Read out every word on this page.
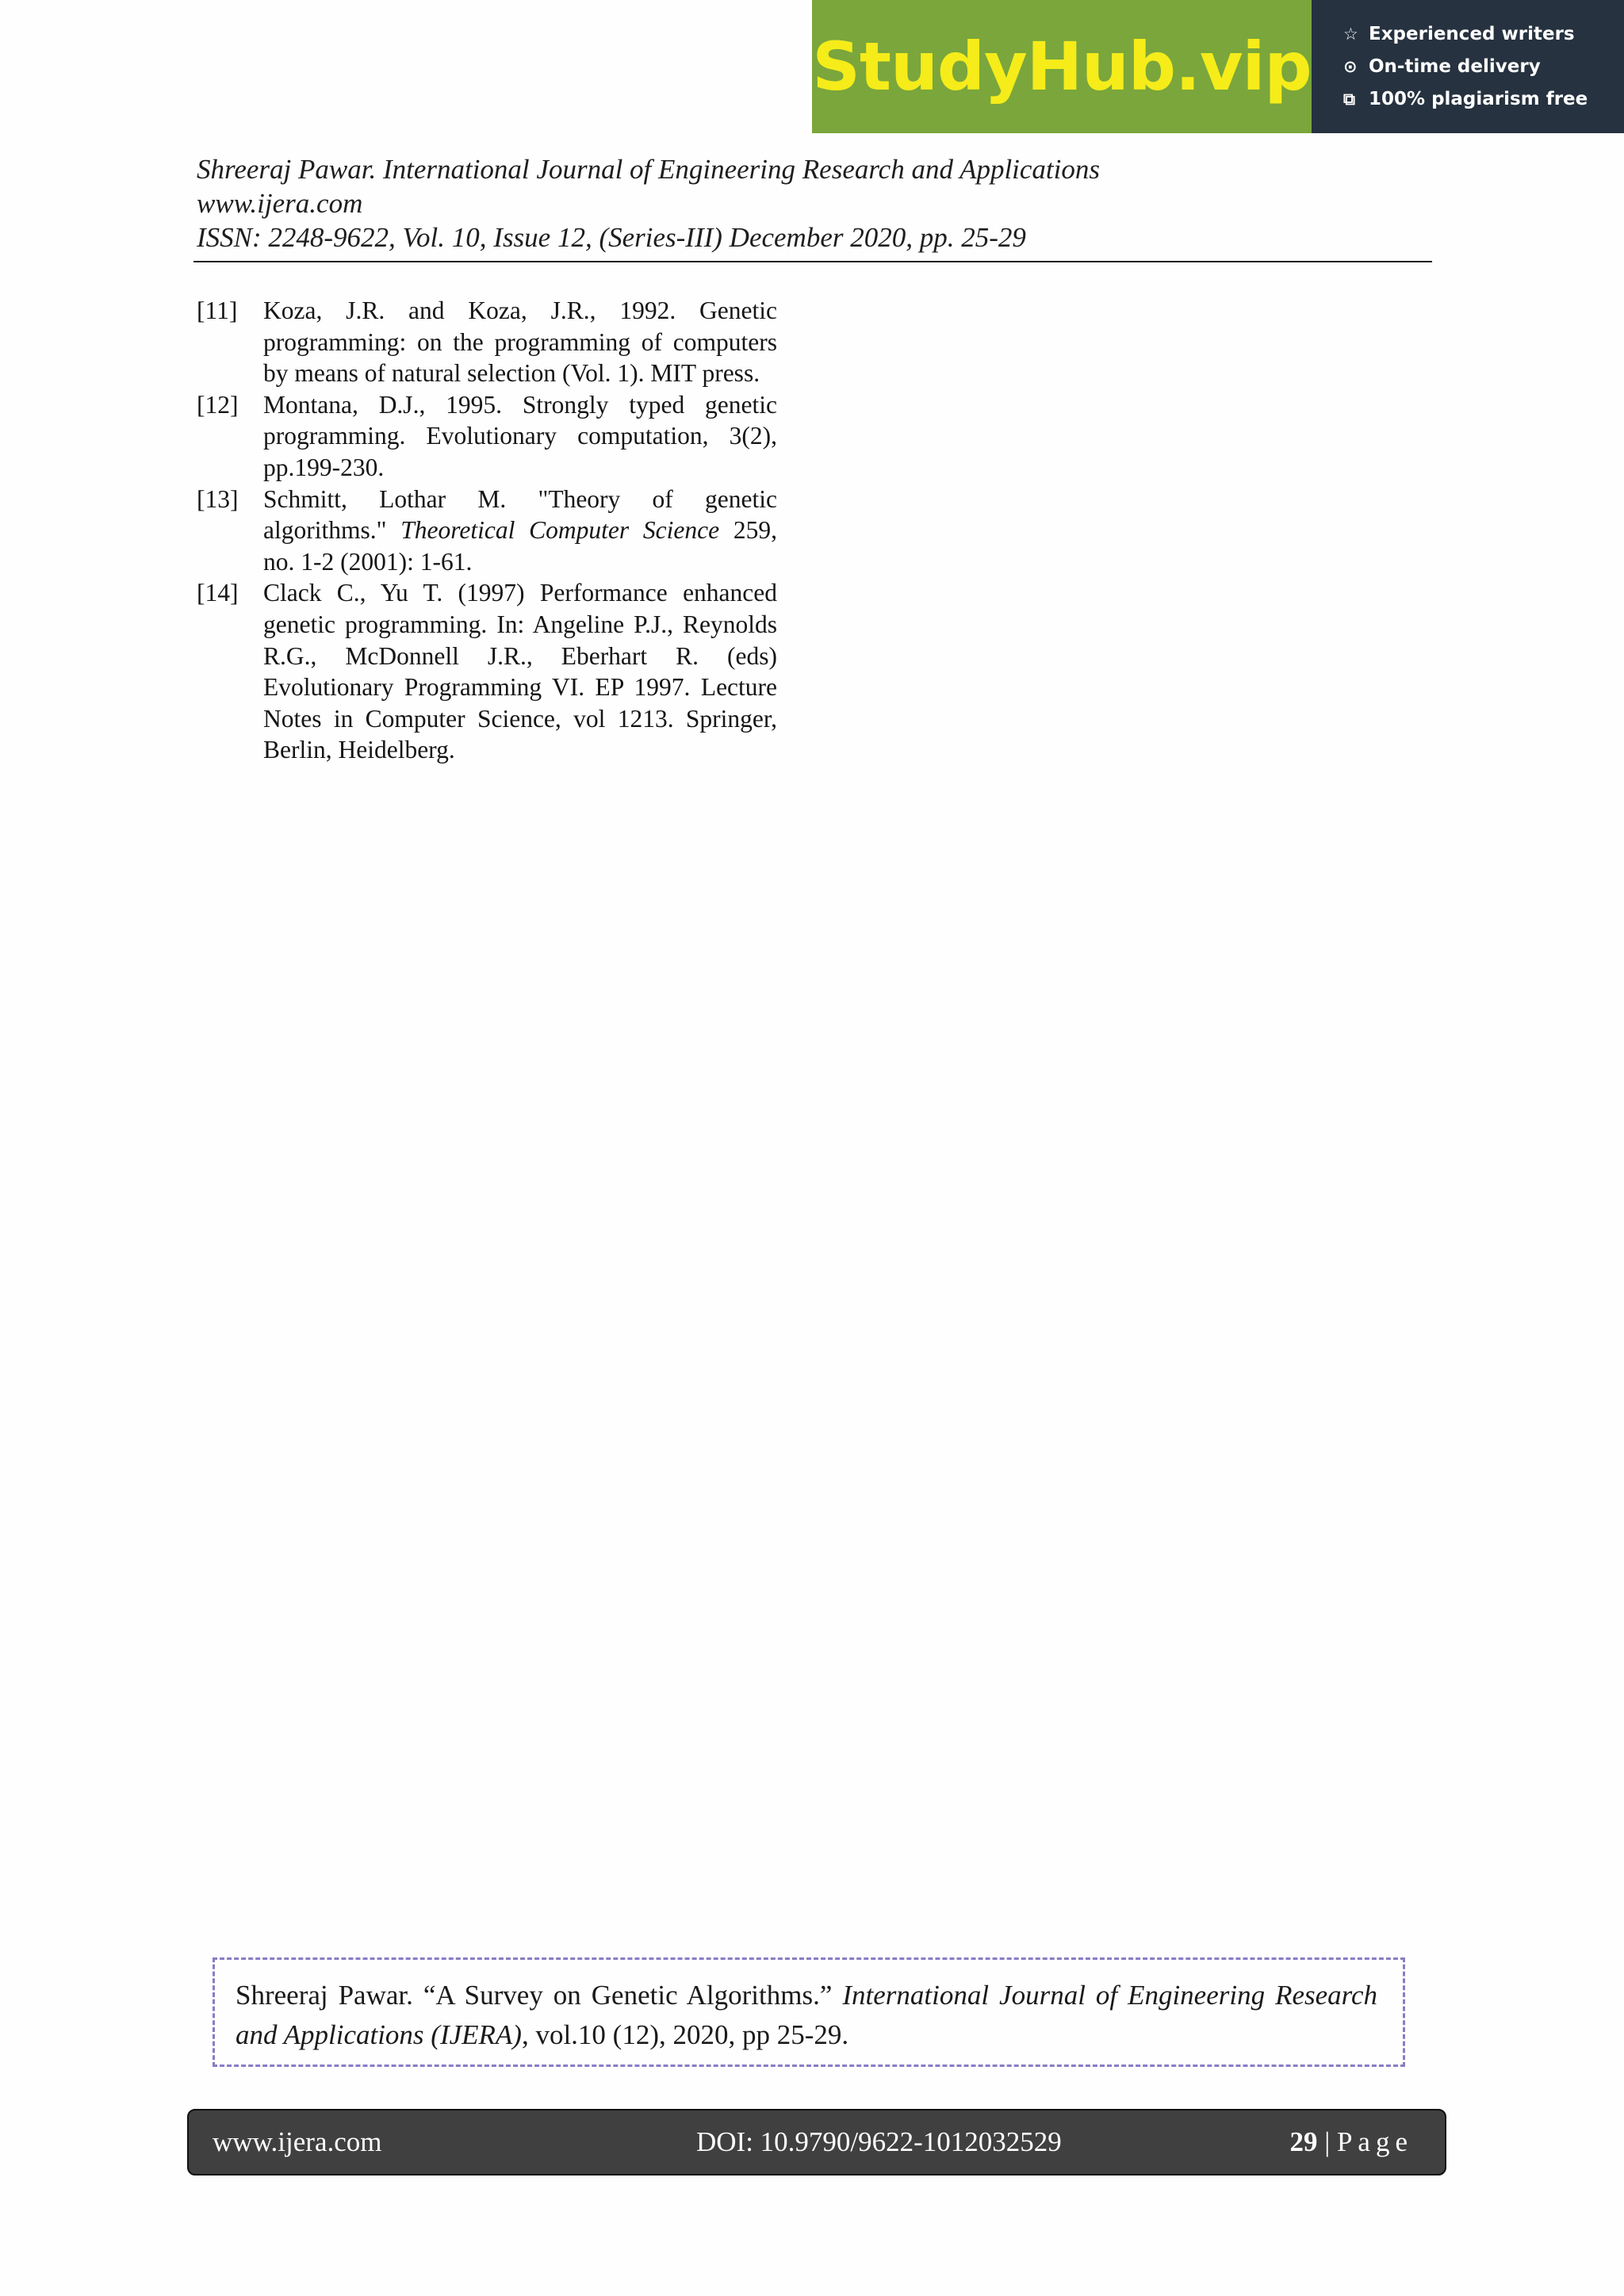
StudyHub.vip ☆ Experienced writers
⊙ On-time delivery
⧉ 100% plagiarism free
Shreeraj Pawar. International Journal of Engineering Research and Applications
www.ijera.com
ISSN: 2248-9622, Vol. 10, Issue 12, (Series-III) December 2020, pp. 25-29
[11]	Koza, J.R. and Koza, J.R., 1992. Genetic programming: on the programming of computers by means of natural selection (Vol. 1). MIT press.
[12]	Montana, D.J., 1995. Strongly typed genetic programming. Evolutionary computation, 3(2), pp.199-230.
[13]	Schmitt, Lothar M. "Theory of genetic algorithms." Theoretical Computer Science 259, no. 1-2 (2001): 1-61.
[14]	Clack C., Yu T. (1997) Performance enhanced genetic programming. In: Angeline P.J., Reynolds R.G., McDonnell J.R., Eberhart R. (eds) Evolutionary Programming VI. EP 1997. Lecture Notes in Computer Science, vol 1213. Springer, Berlin, Heidelberg.
Shreeraj Pawar. “A Survey on Genetic Algorithms.” International Journal of Engineering Research and Applications (IJERA), vol.10 (12), 2020, pp 25-29.
www.ijera.com	DOI: 10.9790/9622-1012032529	29 | Page
